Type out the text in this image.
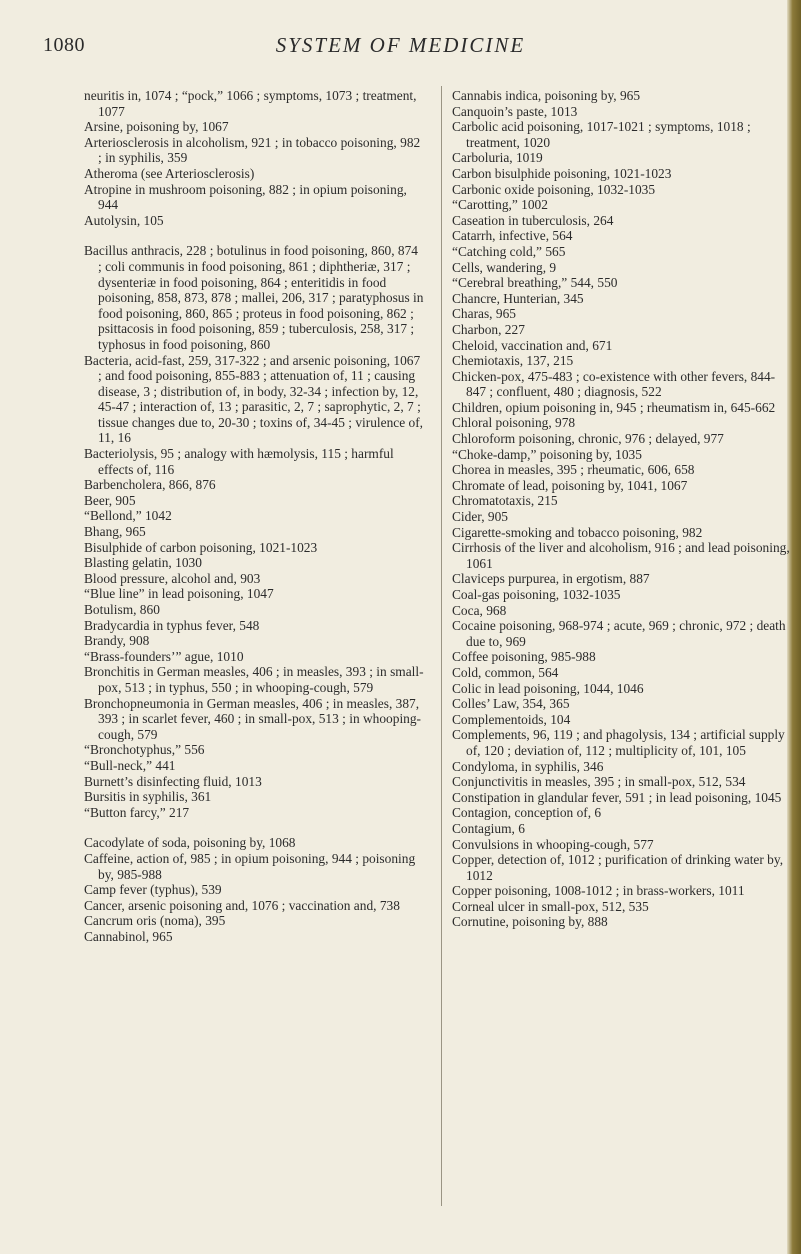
1080	SYSTEM OF MEDICINE

neuritis in, 1074 ; “pock,” 1066 ; symptoms, 1073 ; treatment, 1077

Arsine, poisoning by, 1067

Arteriosclerosis in alcoholism, 921 ; in tobacco poisoning, 982 ; in syphilis, 359

Atheroma (see Arteriosclerosis)

Atropine in mushroom poisoning, 882 ; in opium poisoning, 944

Autolysin, 105

Bacillus anthracis, 228 ; botulinus in food poisoning, 860, 874 ; coli communis in food poisoning, 861 ; diphtheriæ, 317 ; dysenteriæ in food poisoning, 864 ; enteritidis in food poisoning, 858, 873, 878 ; mallei, 206, 317 ; paratyphosus in food poisoning, 860, 865 ; proteus in food poisoning, 862 ; psittacosis in food poisoning, 859 ; tuberculosis, 258, 317 ; typhosus in food poisoning, 860

Bacteria, acid-fast, 259, 317-322 ; and arsenic poisoning, 1067 ; and food poisoning, 855-883 ; attenuation of, 11 ; causing disease, 3 ; distribution of, in body, 32-34 ; infection by, 12, 45-47 ; interaction of, 13 ; parasitic, 2, 7 ; saprophytic, 2, 7 ; tissue changes due to, 20-30 ; toxins of, 34-45 ; virulence of, 11, 16

Bacteriolysis, 95 ; analogy with hæmolysis, 115 ; harmful effects of, 116

Barbencholera, 866, 876

Beer, 905

“Bellond,” 1042

Bhang, 965

Bisulphide of carbon poisoning, 1021-1023

Blasting gelatin, 1030

Blood pressure, alcohol and, 903

“Blue line” in lead poisoning, 1047

Botulism, 860

Bradycardia in typhus fever, 548

Brandy, 908

“Brass-founders’” ague, 1010

Bronchitis in German measles, 406 ; in measles, 393 ; in small-pox, 513 ; in typhus, 550 ; in whooping-cough, 579

Bronchopneumonia in German measles, 406 ; in measles, 387, 393 ; in scarlet fever, 460 ; in small-pox, 513 ; in whooping-cough, 579

“Bronchotyphus,” 556

“Bull-neck,” 441

Burnett’s disinfecting fluid, 1013

Bursitis in syphilis, 361

“Button farcy,” 217

Cacodylate of soda, poisoning by, 1068

Caffeine, action of, 985 ; in opium poisoning, 944 ; poisoning by, 985-988

Camp fever (typhus), 539

Cancer, arsenic poisoning and, 1076 ; vaccination and, 738

Cancrum oris (noma), 395

Cannabinol, 965

Cannabis indica, poisoning by, 965

Canquoin’s paste, 1013

Carbolic acid poisoning, 1017-1021 ; symptoms, 1018 ; treatment, 1020

Carboluria, 1019

Carbon bisulphide poisoning, 1021-1023

Carbonic oxide poisoning, 1032-1035

“Carotting,” 1002

Caseation in tuberculosis, 264

Catarrh, infective, 564

“Catching cold,” 565

Cells, wandering, 9

“Cerebral breathing,” 544, 550

Chancre, Hunterian, 345

Charas, 965

Charbon, 227

Cheloid, vaccination and, 671

Chemiotaxis, 137, 215

Chicken-pox, 475-483 ; co-existence with other fevers, 844-847 ; confluent, 480 ; diagnosis, 522

Children, opium poisoning in, 945 ; rheumatism in, 645-662

Chloral poisoning, 978

Chloroform poisoning, chronic, 976 ; delayed, 977

“Choke-damp,” poisoning by, 1035

Chorea in measles, 395 ; rheumatic, 606, 658

Chromate of lead, poisoning by, 1041, 1067

Chromatotaxis, 215

Cider, 905

Cigarette-smoking and tobacco poisoning, 982

Cirrhosis of the liver and alcoholism, 916 ; and lead poisoning, 1061

Claviceps purpurea, in ergotism, 887

Coal-gas poisoning, 1032-1035

Coca, 968

Cocaine poisoning, 968-974 ; acute, 969 ; chronic, 972 ; death due to, 969

Coffee poisoning, 985-988

Cold, common, 564

Colic in lead poisoning, 1044, 1046

Colles’ Law, 354, 365

Complementoids, 104

Complements, 96, 119 ; and phagolysis, 134 ; artificial supply of, 120 ; deviation of, 112 ; multiplicity of, 101, 105

Condyloma, in syphilis, 346

Conjunctivitis in measles, 395 ; in small-pox, 512, 534

Constipation in glandular fever, 591 ; in lead poisoning, 1045

Contagion, conception of, 6

Contagium, 6

Convulsions in whooping-cough, 577

Copper, detection of, 1012 ; purification of drinking water by, 1012

Copper poisoning, 1008-1012 ; in brass-workers, 1011

Corneal ulcer in small-pox, 512, 535

Cornutine, poisoning by, 888
